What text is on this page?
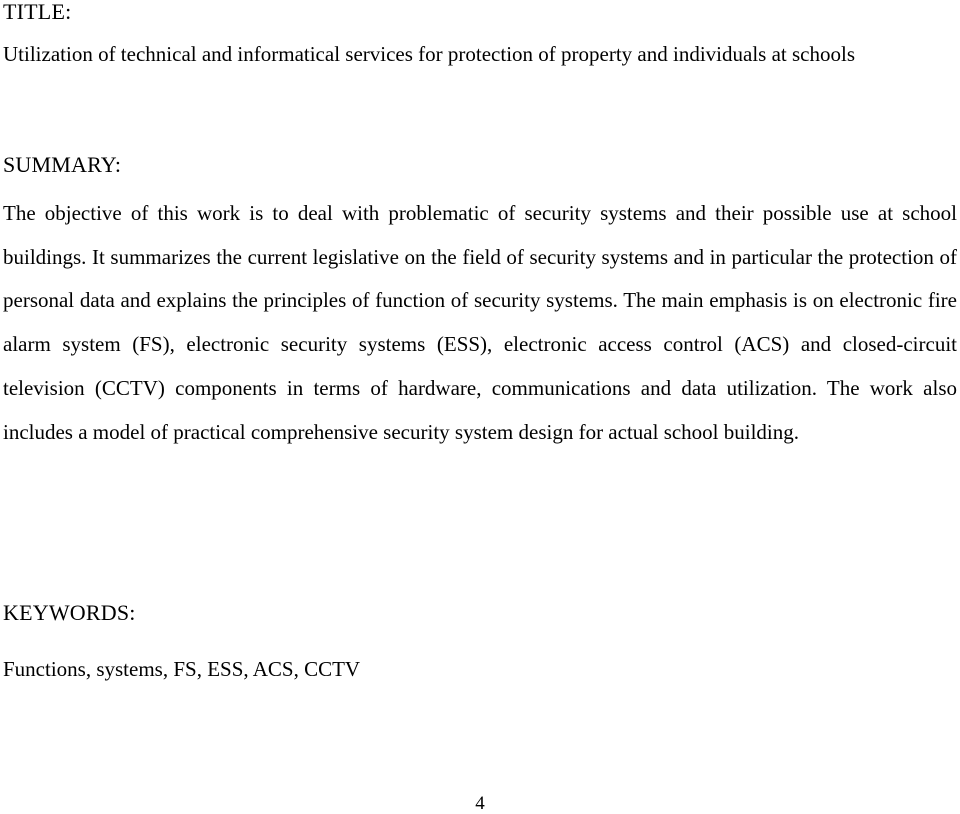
TITLE:

Utilization of technical and informatical services for protection of property and individuals at schools

SUMMARY:

The objective of this work is to deal with problematic of security systems and their possible use at school buildings. It summarizes the current legislative on the field of security systems and in particular the protection of personal data and explains the principles of function of security systems. The main emphasis is on electronic fire alarm system (FS), electronic security systems (ESS), electronic access control (ACS) and closed-circuit television (CCTV) components in terms of hardware, communications and data utilization. The work also includes a model of practical comprehensive security system design for actual school building.

KEYWORDS:

Functions, systems, FS, ESS, ACS, CCTV

4
